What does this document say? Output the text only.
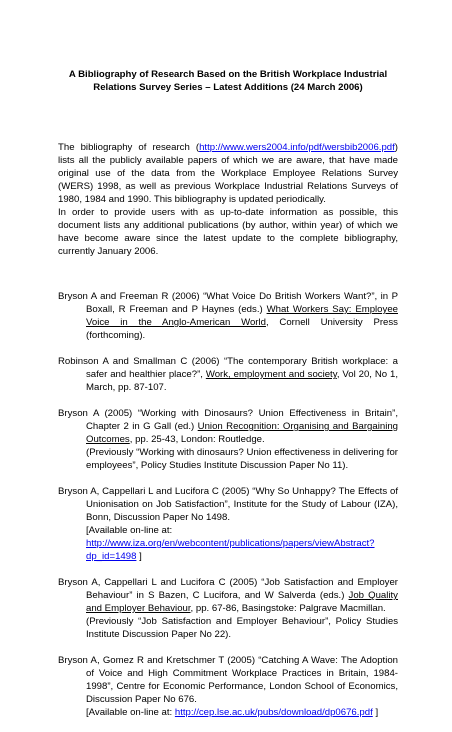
A Bibliography of Research Based on the British Workplace Industrial
Relations Survey Series – Latest Additions (24 March 2006)

The bibliography of research (http://www.wers2004.info/pdf/wersbib2006.pdf) lists all the publicly available papers of which we are aware, that have made original use of the data from the Workplace Employee Relations Survey (WERS) 1998, as well as previous Workplace Industrial Relations Surveys of 1980, 1984 and 1990. This bibliography is updated periodically.

In order to provide users with as up-to-date information as possible, this document lists any additional publications (by author, within year) of which we have become aware since the latest update to the complete bibliography, currently January 2006.

Bryson A and Freeman R (2006) “What Voice Do British Workers Want?”, in P Boxall, R Freeman and P Haynes (eds.) What Workers Say: Employee Voice in the Anglo-American World, Cornell University Press (forthcoming).

Robinson A and Smallman C (2006) “The contemporary British workplace: a safer and healthier place?”, Work, employment and society, Vol 20, No 1, March, pp. 87-107.

Bryson A (2005) “Working with Dinosaurs? Union Effectiveness in Britain”, Chapter 2 in G Gall (ed.) Union Recognition: Organising and Bargaining Outcomes, pp. 25-43, London: Routledge.
(Previously “Working with dinosaurs? Union effectiveness in delivering for employees”, Policy Studies Institute Discussion Paper No 11).

Bryson A, Cappellari L and Lucifora C (2005) “Why So Unhappy? The Effects of Unionisation on Job Satisfaction”, Institute for the Study of Labour (IZA), Bonn, Discussion Paper No 1498.
[Available on-line at:
http://www.iza.org/en/webcontent/publications/papers/viewAbstract?dp_id=1498 ]

Bryson A, Cappellari L and Lucifora C (2005) “Job Satisfaction and Employer Behaviour” in S Bazen, C Lucifora, and W Salverda (eds.) Job Quality and Employer Behaviour, pp. 67-86, Basingstoke: Palgrave Macmillan.
(Previously “Job Satisfaction and Employer Behaviour”, Policy Studies Institute Discussion Paper No 22).

Bryson A, Gomez R and Kretschmer T (2005) “Catching A Wave: The Adoption of Voice and High Commitment Workplace Practices in Britain, 1984-1998”, Centre for Economic Performance, London School of Economics, Discussion Paper No 676.
[Available on-line at: http://cep.lse.ac.uk/pubs/download/dp0676.pdf ]
